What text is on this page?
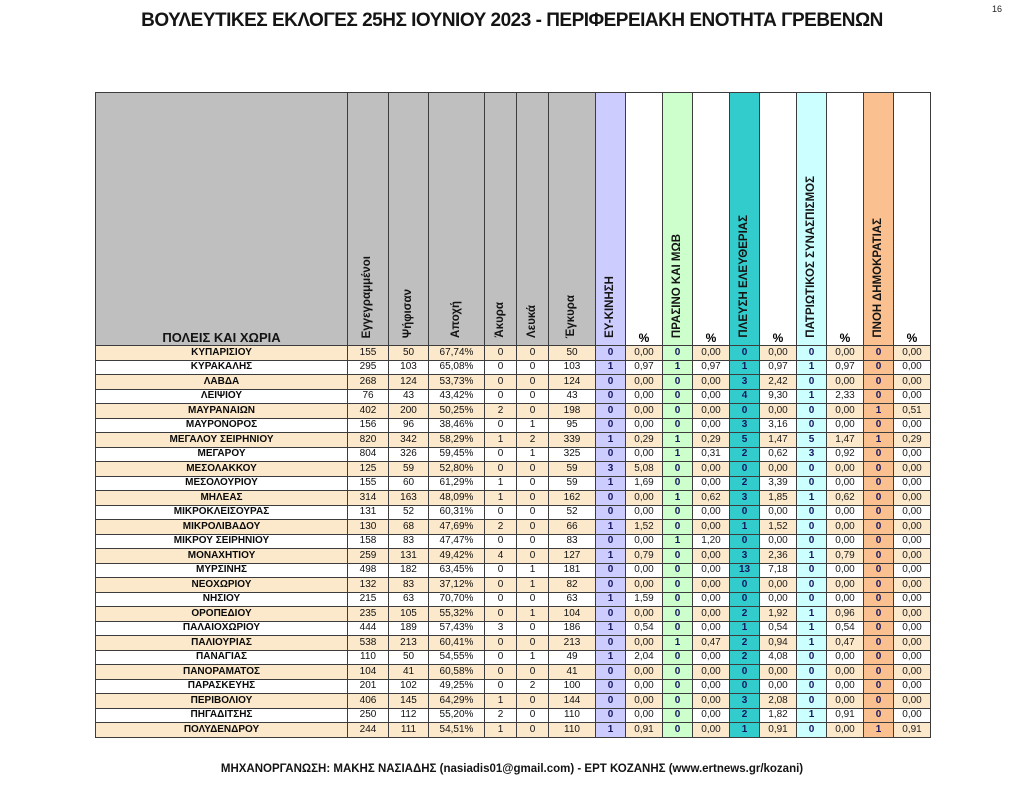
ΒΟΥΛΕΥΤΙΚΕΣ ΕΚΛΟΓΕΣ 25ΗΣ ΙΟΥΝΙΟΥ 2023 - ΠΕΡΙΦΕΡΕΙΑΚΗ ΕΝΟΤΗΤΑ ΓΡΕΒΕΝΩΝ
16
ΠΟΛΕΙΣ ΚΑΙ ΧΩΡΙΑ	Εγγεγραμμένοι	Ψήφισαν	Αποχή	Άκυρα	Λευκά	Έγκυρα	ΕΥ-ΚΙΝΗΣΗ	%	ΠΡΑΣΙΝΟ ΚΑΙ ΜΩΒ	%	ΠΛΕΥΣΗ ΕΛΕΥΘΕΡΙΑΣ	%	ΠΑΤΡΙΩΤΙΚΟΣ ΣΥΝΑΣΠΙΣΜΟΣ	%	ΠΝΟΗ ΔΗΜΟΚΡΑΤΙΑΣ	%
ΚΥΠΑΡΙΣΙΟΥ	155	50	67,74%	0	0	50	0	0,00	0	0,00	0	0,00	0	0,00	0	0,00
ΚΥΡΑΚΑΛΗΣ	295	103	65,08%	0	0	103	1	0,97	1	0,97	1	0,97	1	0,97	0	0,00
ΛΑΒΔΑ	268	124	53,73%	0	0	124	0	0,00	0	0,00	3	2,42	0	0,00	0	0,00
ΛΕΙΨΙΟΥ	76	43	43,42%	0	0	43	0	0,00	0	0,00	4	9,30	1	2,33	0	0,00
ΜΑΥΡΑΝΑΙΩΝ	402	200	50,25%	2	0	198	0	0,00	0	0,00	0	0,00	0	0,00	1	0,51
ΜΑΥΡΟΝΟΡΟΣ	156	96	38,46%	0	1	95	0	0,00	0	0,00	3	3,16	0	0,00	0	0,00
ΜΕΓΑΛΟΥ ΣΕΙΡΗΝΙΟΥ	820	342	58,29%	1	2	339	1	0,29	1	0,29	5	1,47	5	1,47	1	0,29
ΜΕΓΑΡΟΥ	804	326	59,45%	0	1	325	0	0,00	1	0,31	2	0,62	3	0,92	0	0,00
ΜΕΣΟΛΑΚΚΟΥ	125	59	52,80%	0	0	59	3	5,08	0	0,00	0	0,00	0	0,00	0	0,00
ΜΕΣΟΛΟΥΡΙΟΥ	155	60	61,29%	1	0	59	1	1,69	0	0,00	2	3,39	0	0,00	0	0,00
ΜΗΛΕΑΣ	314	163	48,09%	1	0	162	0	0,00	1	0,62	3	1,85	1	0,62	0	0,00
ΜΙΚΡΟΚΛΕΙΣΟΥΡΑΣ	131	52	60,31%	0	0	52	0	0,00	0	0,00	0	0,00	0	0,00	0	0,00
ΜΙΚΡΟΛΙΒΑΔΟΥ	130	68	47,69%	2	0	66	1	1,52	0	0,00	1	1,52	0	0,00	0	0,00
ΜΙΚΡΟΥ ΣΕΙΡΗΝΙΟΥ	158	83	47,47%	0	0	83	0	0,00	1	1,20	0	0,00	0	0,00	0	0,00
ΜΟΝΑΧΗΤΙΟΥ	259	131	49,42%	4	0	127	1	0,79	0	0,00	3	2,36	1	0,79	0	0,00
ΜΥΡΣΙΝΗΣ	498	182	63,45%	0	1	181	0	0,00	0	0,00	13	7,18	0	0,00	0	0,00
ΝΕΟΧΩΡΙΟΥ	132	83	37,12%	0	1	82	0	0,00	0	0,00	0	0,00	0	0,00	0	0,00
ΝΗΣΙΟΥ	215	63	70,70%	0	0	63	1	1,59	0	0,00	0	0,00	0	0,00	0	0,00
ΟΡΟΠΕΔΙΟΥ	235	105	55,32%	0	1	104	0	0,00	0	0,00	2	1,92	1	0,96	0	0,00
ΠΑΛΑΙΟΧΩΡΙΟΥ	444	189	57,43%	3	0	186	1	0,54	0	0,00	1	0,54	1	0,54	0	0,00
ΠΑΛΙΟΥΡΙΑΣ	538	213	60,41%	0	0	213	0	0,00	1	0,47	2	0,94	1	0,47	0	0,00
ΠΑΝΑΓΙΑΣ	110	50	54,55%	0	1	49	1	2,04	0	0,00	2	4,08	0	0,00	0	0,00
ΠΑΝΟΡΑΜΑΤΟΣ	104	41	60,58%	0	0	41	0	0,00	0	0,00	0	0,00	0	0,00	0	0,00
ΠΑΡΑΣΚΕΥΗΣ	201	102	49,25%	0	2	100	0	0,00	0	0,00	0	0,00	0	0,00	0	0,00
ΠΕΡΙΒΟΛΙΟΥ	406	145	64,29%	1	0	144	0	0,00	0	0,00	3	2,08	0	0,00	0	0,00
ΠΗΓΑΔΙΤΣΗΣ	250	112	55,20%	2	0	110	0	0,00	0	0,00	2	1,82	1	0,91	0	0,00
ΠΟΛΥΔΕΝΔΡΟΥ	244	111	54,51%	1	0	110	1	0,91	0	0,00	1	0,91	0	0,00	1	0,91
ΜΗΧΑΝΟΡΓΑΝΩΣΗ: ΜΑΚΗΣ ΝΑΣΙΑΔΗΣ (nasiadis01@gmail.com) - ΕΡΤ ΚΟΖΑΝΗΣ (www.ertnews.gr/kozani)
